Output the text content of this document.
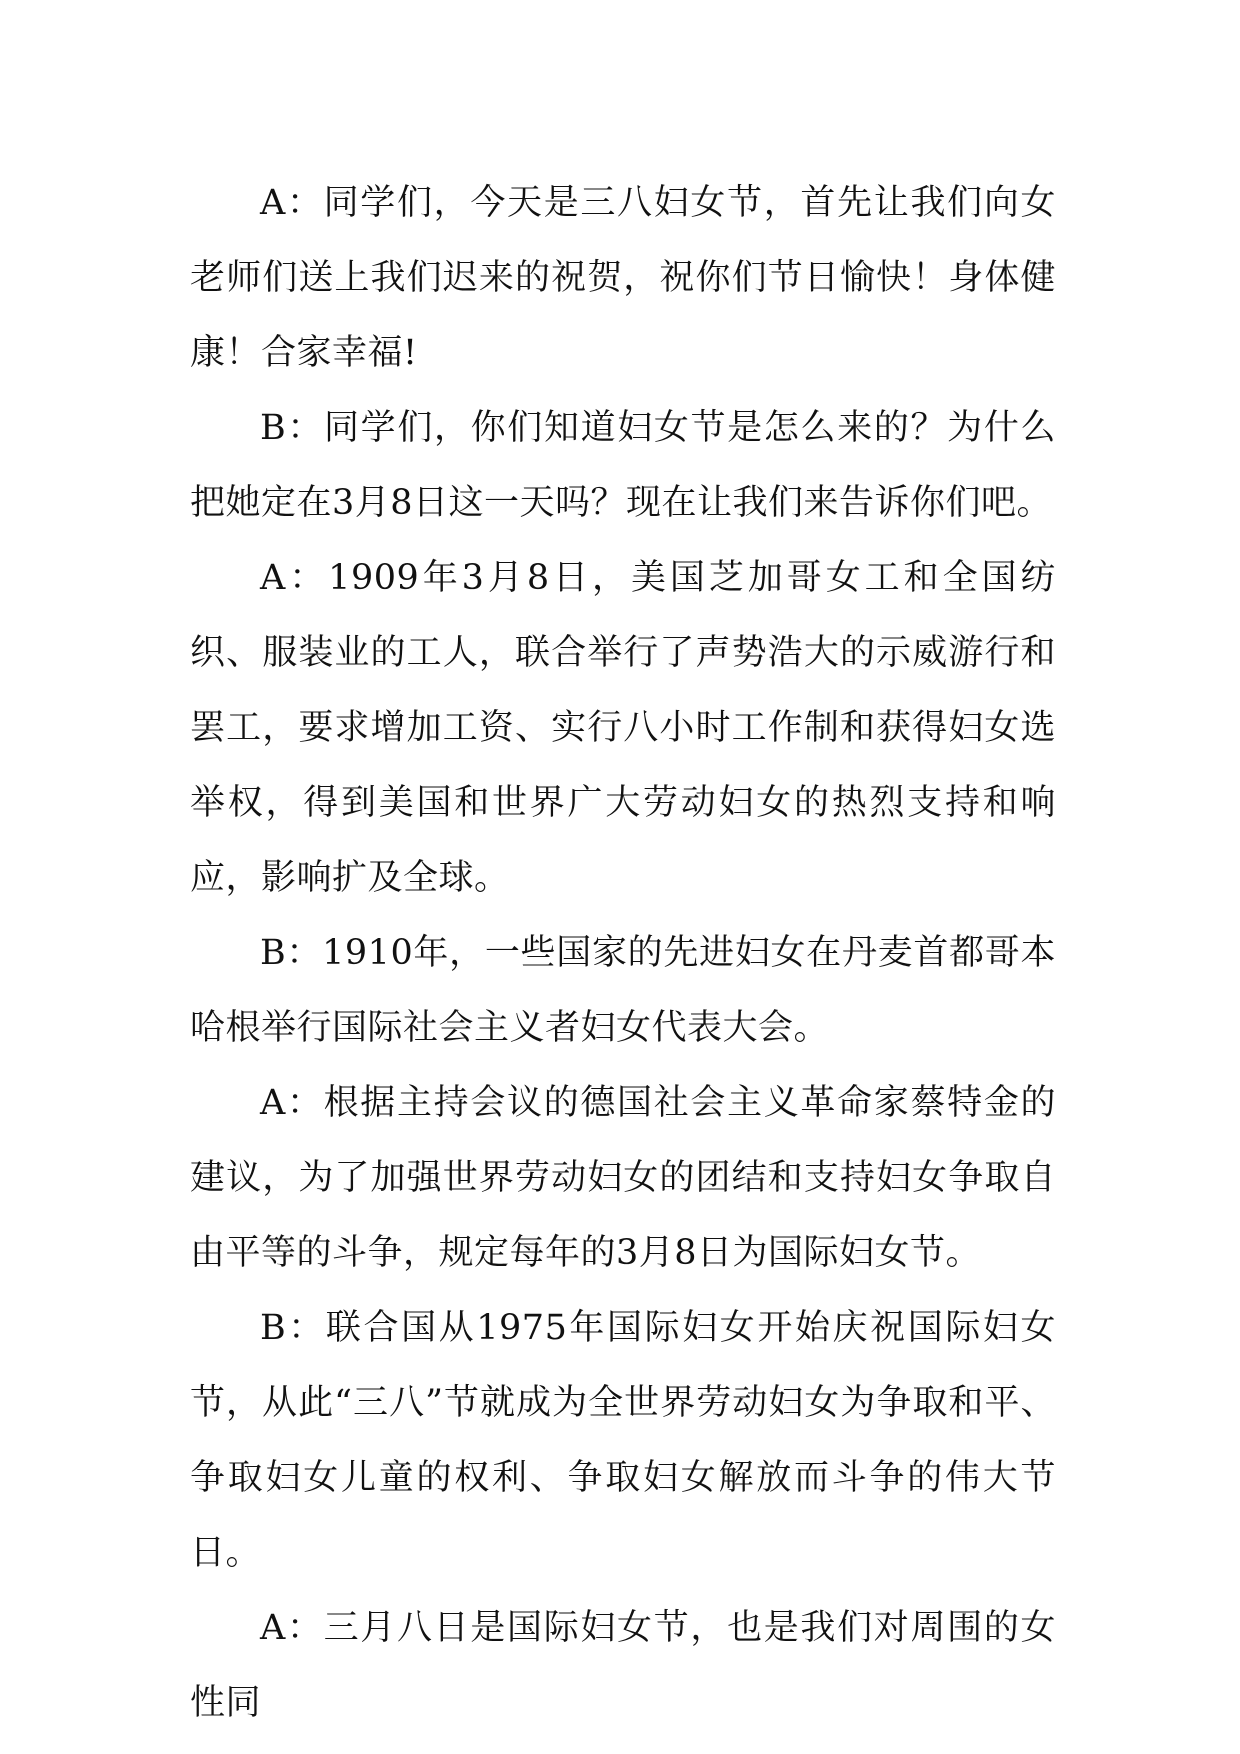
A：同学们，今天是三八妇女节，首先让我们向女老师们送上我们迟来的祝贺，祝你们节日愉快！身体健康！合家幸福!

B：同学们，你们知道妇女节是怎么来的？为什么把她定在3月8日这一天吗？现在让我们来告诉你们吧。

A：1909年3月8日，美国芝加哥女工和全国纺织、服装业的工人，联合举行了声势浩大的示威游行和罢工，要求增加工资、实行八小时工作制和获得妇女选举权，得到美国和世界广大劳动妇女的热烈支持和响应，影响扩及全球。

B：1910年，一些国家的先进妇女在丹麦首都哥本哈根举行国际社会主义者妇女代表大会。

A：根据主持会议的德国社会主义革命家蔡特金的建议，为了加强世界劳动妇女的团结和支持妇女争取自由平等的斗争，规定每年的3月8日为国际妇女节。

B：联合国从1975年国际妇女开始庆祝国际妇女节，从此“三八”节就成为全世界劳动妇女为争取和平、争取妇女儿童的权利、争取妇女解放而斗争的伟大节日。

A：三月八日是国际妇女节，也是我们对周围的女性同
